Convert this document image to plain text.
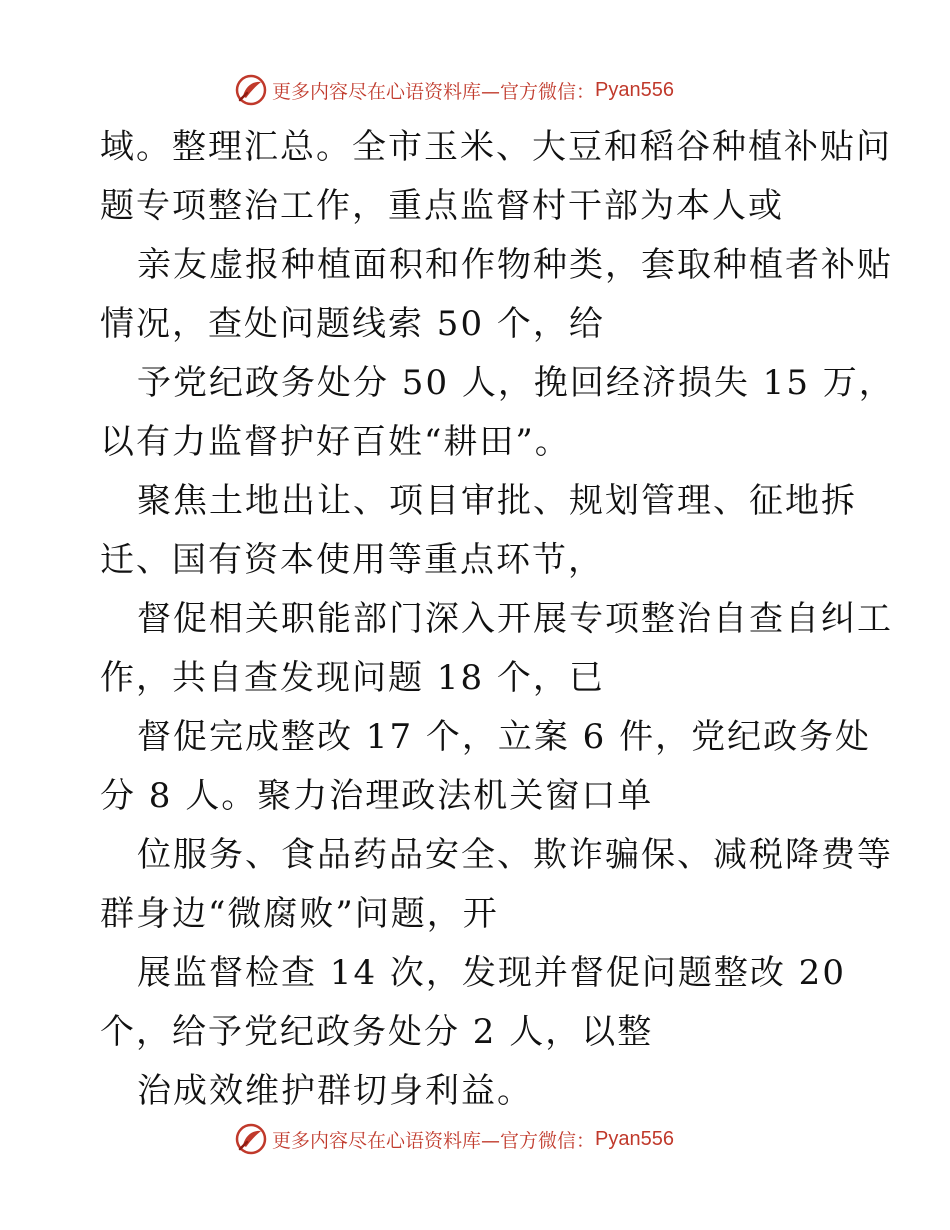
更多内容尽在心语资料库—官方微信： Pyan556
域。整理汇总。全市玉米、大豆和稻谷种植补贴问
题专项整治工作，重点监督村干部为本人或
亲友虚报种植面积和作物种类，套取种植者补贴
情况，查处问题线索 50 个，给
予党纪政务处分 50 人，挽回经济损失 15 万，
以有力监督护好百姓“耕田”。
聚焦土地出让、项目审批、规划管理、征地拆
迁、国有资本使用等重点环节，
督促相关职能部门深入开展专项整治自查自纠工
作，共自查发现问题 18 个，已
督促完成整改 17 个，立案 6 件，党纪政务处
分 8 人。聚力治理政法机关窗口单
位服务、食品药品安全、欺诈骗保、减税降费等
群身边“微腐败”问题，开
展监督检查 14 次，发现并督促问题整改 20
个，给予党纪政务处分 2 人，以整
治成效维护群切身利益。
更多内容尽在心语资料库—官方微信： Pyan556
